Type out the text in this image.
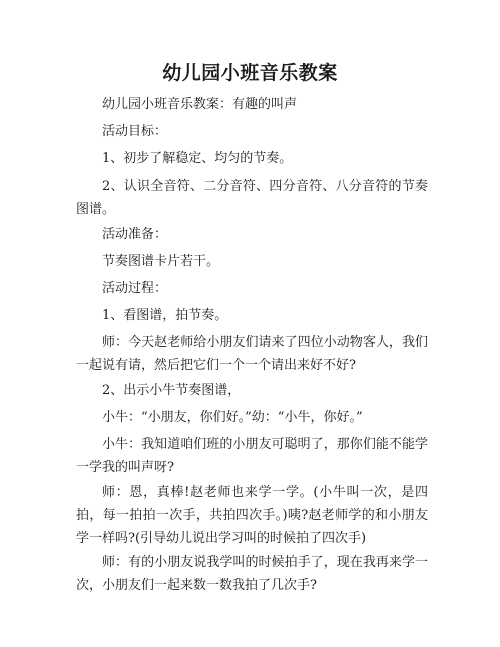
幼儿园小班音乐教案
幼儿园小班音乐教案：有趣的叫声
活动目标：
1、初步了解稳定、均匀的节奏。
2、认识全音符、二分音符、四分音符、八分音符的节奏图谱。
活动准备：
节奏图谱卡片若干。
活动过程：
1、看图谱，拍节奏。
师：今天赵老师给小朋友们请来了四位小动物客人，我们一起说有请，然后把它们一个一个请出来好不好?
2、出示小牛节奏图谱，
小牛：“小朋友，你们好。”幼：“小牛，你好。”
小牛：我知道咱们班的小朋友可聪明了，那你们能不能学一学我的叫声呀?
师：恩，真棒!赵老师也来学一学。(小牛叫一次，是四拍，每一拍拍一次手，共拍四次手。)咦?赵老师学的和小朋友学一样吗?(引导幼儿说出学习叫的时候拍了四次手)
师：有的小朋友说我学叫的时候拍手了，现在我再来学一次，小朋友们一起来数一数我拍了几次手?
